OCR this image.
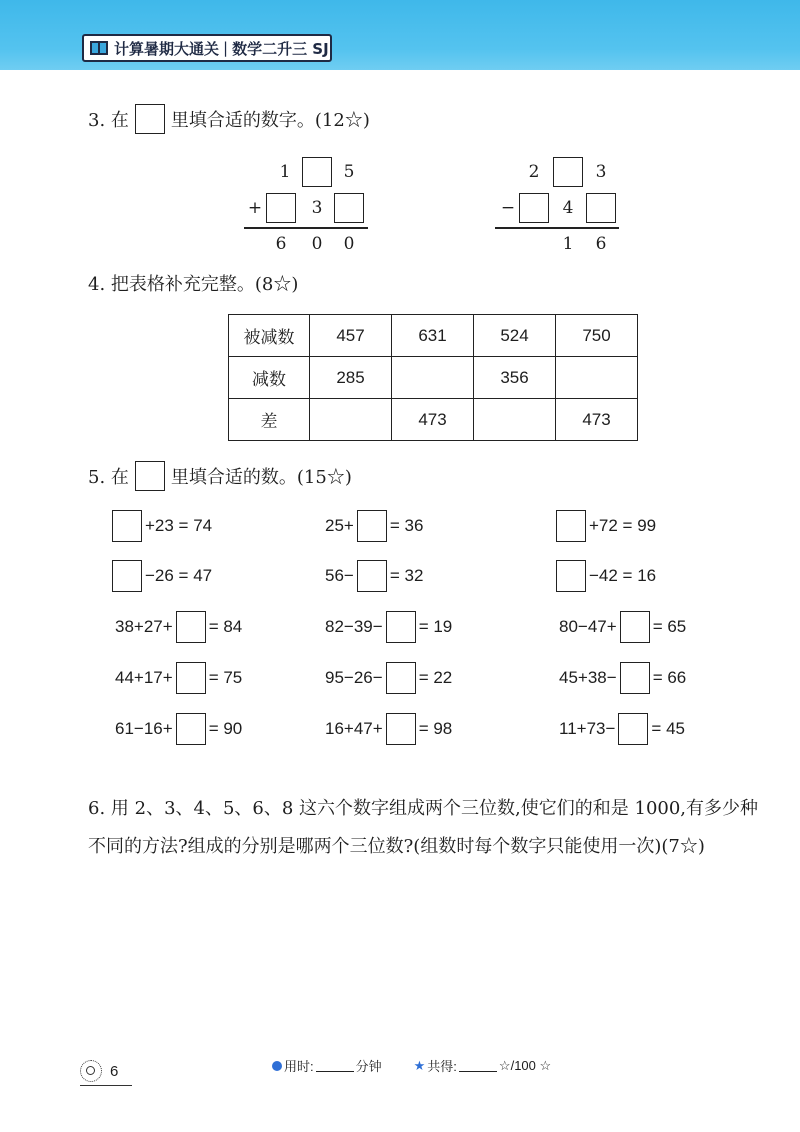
计算暑期大通关 | 数学二升三 SJ
3. 在 里填合适的数字。(12☆)
1	5
+	3
6	0	0
2	3
−	4
1	6
4. 把表格补充完整。(8☆)
被减数	457	631	524	750
减数	285		356	
差		473		473
5. 在 里填合适的数。(15☆)
+23 = 74	25+ = 36	+72 = 99
−26 = 47	56− = 32	−42 = 16
38+27+ = 84	82−39− = 19	80−47+ = 65
44+17+ = 75	95−26− = 22	45+38− = 66
61−16+ = 90	16+47+ = 98	11+73− = 45
6. 用 2、3、4、5、6、8 这六个数字组成两个三位数,使它们的和是 1000,有多少种不同的方法?组成的分别是哪两个三位数?(组数时每个数字只能使用一次)(7☆)
用时:	分钟 ★ 共得:	☆/100 ☆
6
